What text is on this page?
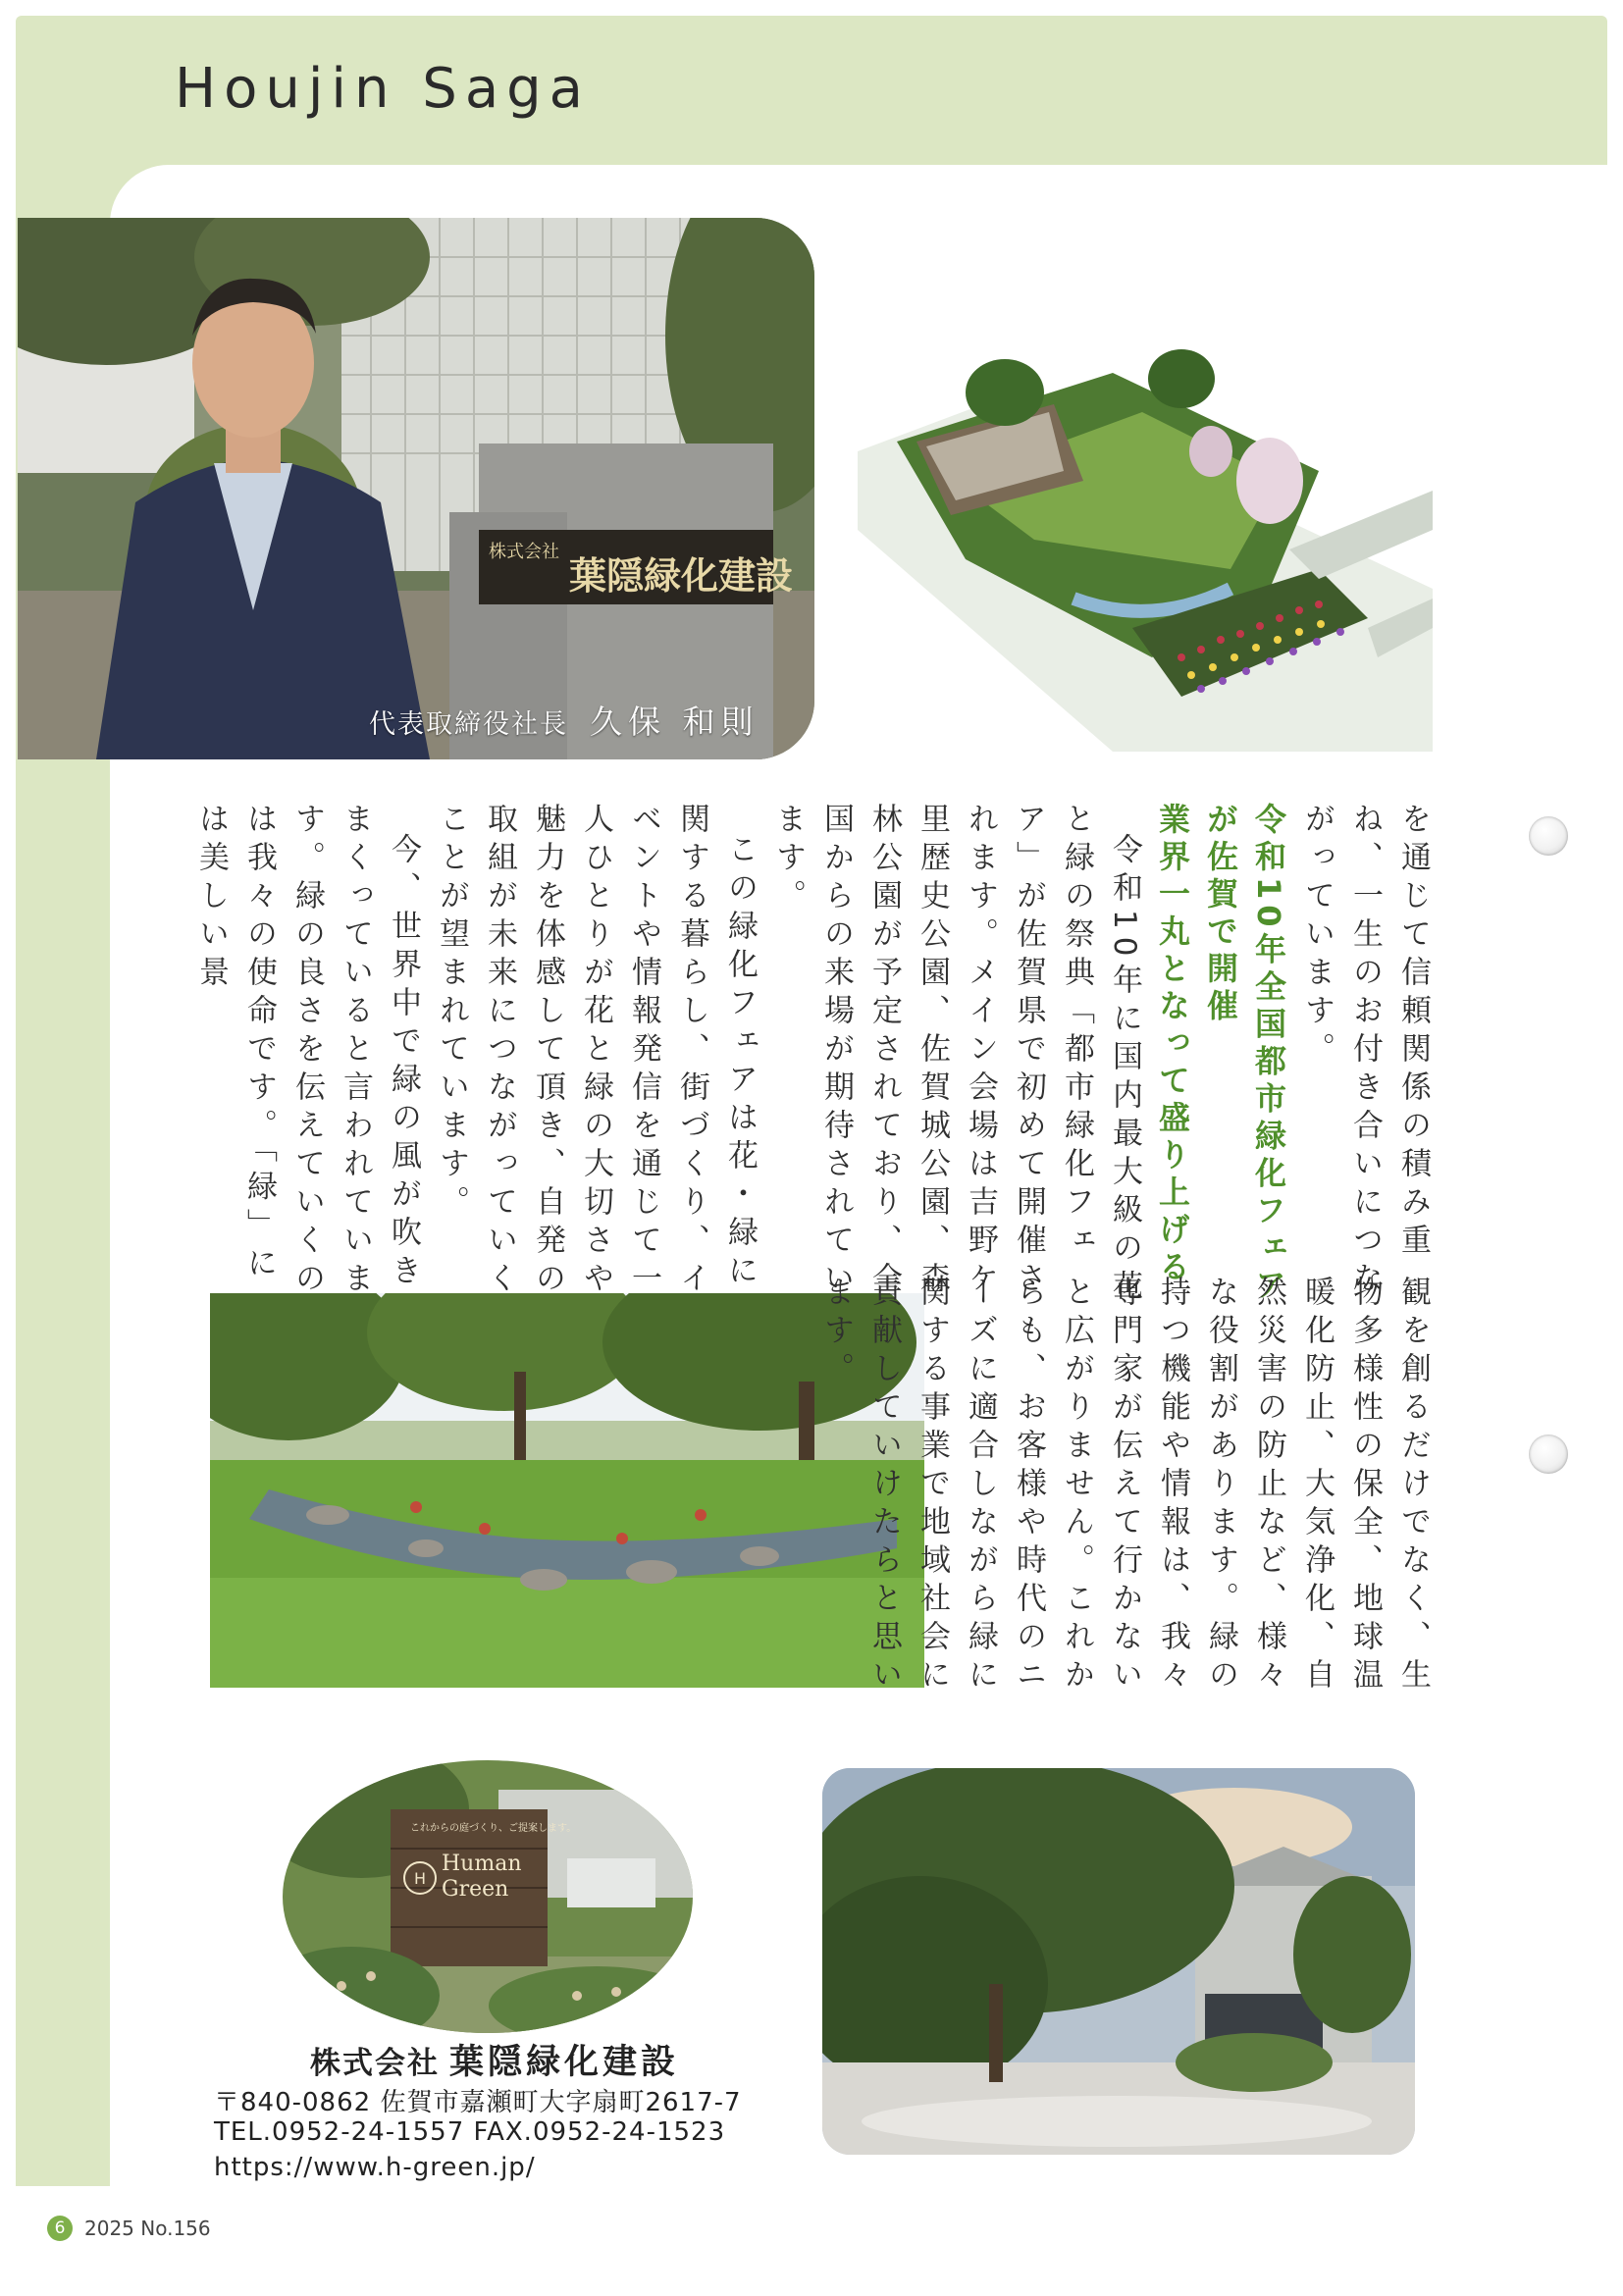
Houjin Saga
株式会社
葉隠緑化建設
代表取締役社長 久保 和則
これからの庭づくり、ご提案します。
H
Human
Green
を通じて信頼関係の積み重ね、一生のお付き合いにつながっています。
令和10年全国都市緑化フェア
が佐賀で開催
業界一丸となって盛り上げる
令和10年に国内最大級の花と緑の祭典「都市緑化フェア」が佐賀県で初めて開催されます。メイン会場は吉野ケ里歴史公園、佐賀城公園、森林公園が予定されており、全国からの来場が期待されています。
この緑化フェアは花・緑に関する暮らし、街づくり、イベントや情報発信を通じて一人ひとりが花と緑の大切さや魅力を体感して頂き、自発の取組が未来につながっていくことが望まれています。
今、世界中で緑の風が吹きまくっていると言われています。緑の良さを伝えていくのは我々の使命です。「緑」には美しい景
観を創るだけでなく、生物多様性の保全、地球温暖化防止、大気浄化、自然災害の防止など、様々な役割があります。緑の持つ機能や情報は、我々専門家が伝えて行かないと広がりません。これからも、お客様や時代のニーズに適合しながら緑に関する事業で地域社会に貢献していけたらと思います。
株式会社 葉隠緑化建設
〒840-0862 佐賀市嘉瀬町大字扇町2617-7
TEL.0952-24-1557 FAX.0952-24-1523
https://www.h-green.jp/
6 2025 No.156
